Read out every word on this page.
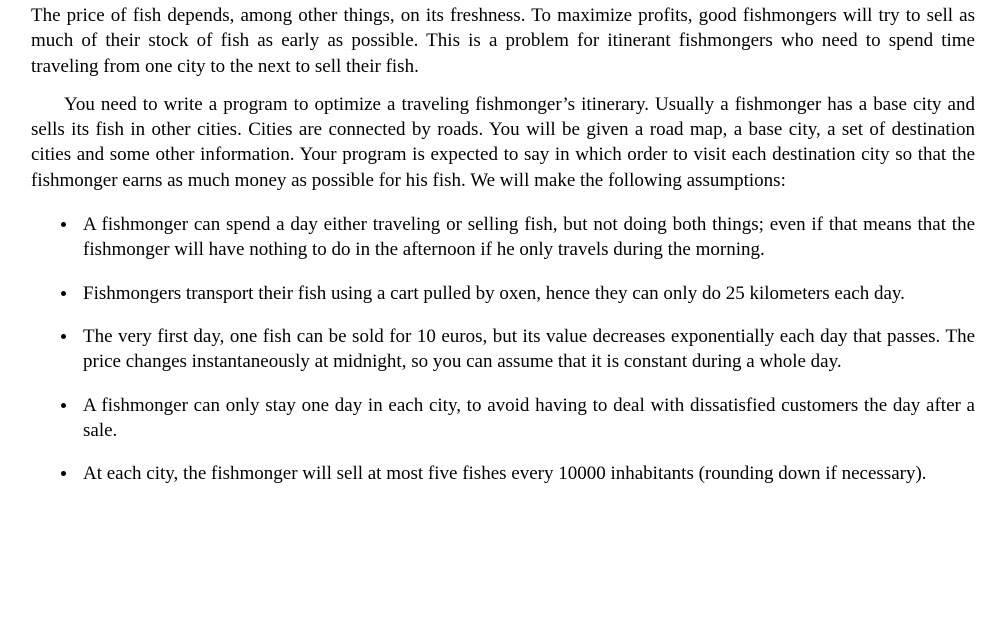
The price of fish depends, among other things, on its freshness. To maximize profits, good fishmongers will try to sell as much of their stock of fish as early as possible. This is a problem for itinerant fishmongers who need to spend time traveling from one city to the next to sell their fish.

You need to write a program to optimize a traveling fishmonger’s itinerary. Usually a fishmonger has a base city and sells its fish in other cities. Cities are connected by roads. You will be given a road map, a base city, a set of destination cities and some other information. Your program is expected to say in which order to visit each destination city so that the fishmonger earns as much money as possible for his fish. We will make the following assumptions:

A fishmonger can spend a day either traveling or selling fish, but not doing both things; even if that means that the fishmonger will have nothing to do in the afternoon if he only travels during the morning.
Fishmongers transport their fish using a cart pulled by oxen, hence they can only do 25 kilometers each day.
The very first day, one fish can be sold for 10 euros, but its value decreases exponentially each day that passes. The price changes instantaneously at midnight, so you can assume that it is constant during a whole day.
A fishmonger can only stay one day in each city, to avoid having to deal with dissatisfied customers the day after a sale.
At each city, the fishmonger will sell at most five fishes every 10000 inhabitants (rounding down if necessary).
